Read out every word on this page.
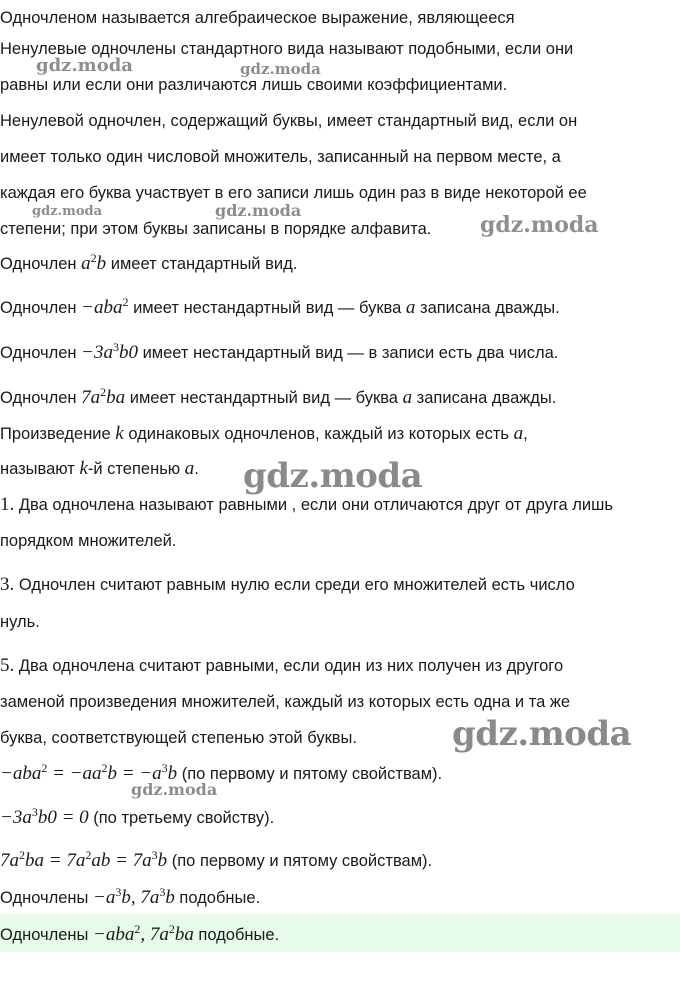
Одночленом называется алгебраическое выражение, являющееся
Ненулевые одночлены стандартного вида называют подобными, если они
равны или если они различаются лишь своими коэффициентами.
Ненулевой одночлен, содержащий буквы, имеет стандартный вид, если он
имеет только один числовой множитель, записанный на первом месте, а
каждая его буква участвует в его записи лишь один раз в виде некоторой ее
степени; при этом буквы записаны в порядке алфавита.
Одночлен $a^2b$ имеет стандартный вид.
Одночлен −aba$^2$ имеет нестандартный вид — буква a записана дважды.
Одночлен $-3a^3b0$ имеет нестандартный вид — в записи есть два числа.
Одночлен $7a^2ba$ имеет нестандартный вид — буква a записана дважды.
Произведение k одинаковых одночленов, каждый из которых есть a,
называют k-й степенью a.
1. Два одночлена называют равными , если они отличаются друг от друга лишь
порядком множителей.
3. Одночлен считают равным нулю если среди его множителей есть число
нуль.
5. Два одночлена считают равными, если один из них получен из другого
заменой произведения множителей, каждый из которых есть одна и та же
буква, соответствующей степенью этой буквы.
$-aba^2 = -aa^2b = -a^3b$ (по первому и пятому свойствам).
$-3a^3b0 = 0$ (по третьему свойству).
$7a^2ba = 7a^2ab = 7a^3b$ (по первому и пятому свойствам).
Одночлены $-a^3b$, $7a^3b$ подобные.
Одночлены −aba$^2$, $7a^2ba$ подобные.
gdz.moda	gdz.moda
gdz.moda	gdz.moda
gdz.moda
gdz.moda
gdz.moda
gdz.moda
